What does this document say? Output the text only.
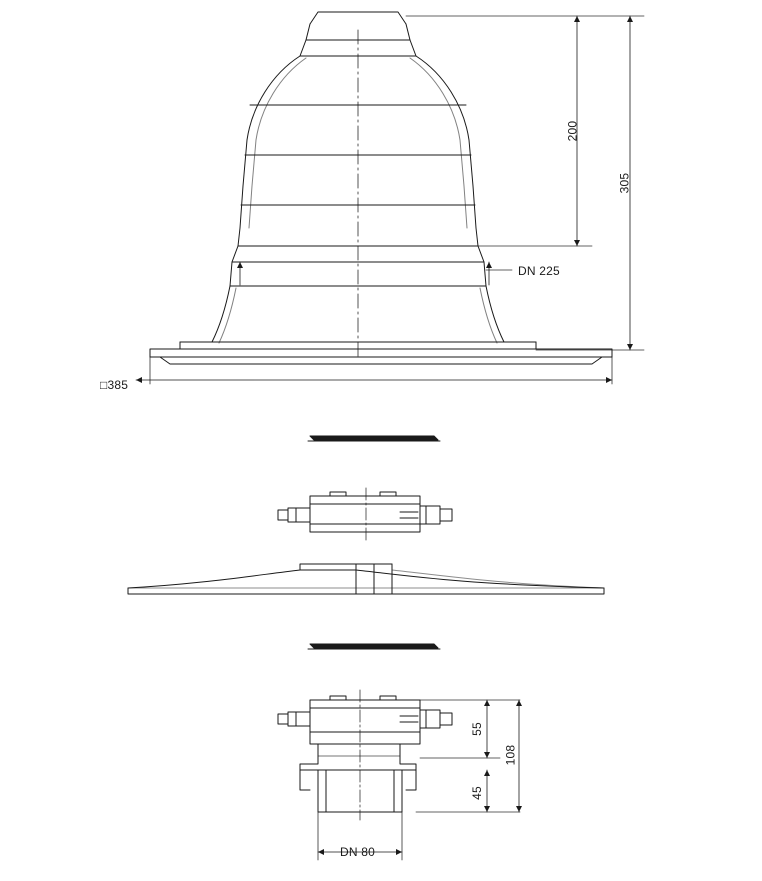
200
305
DN 225
□385
55
108
45
DN 80
